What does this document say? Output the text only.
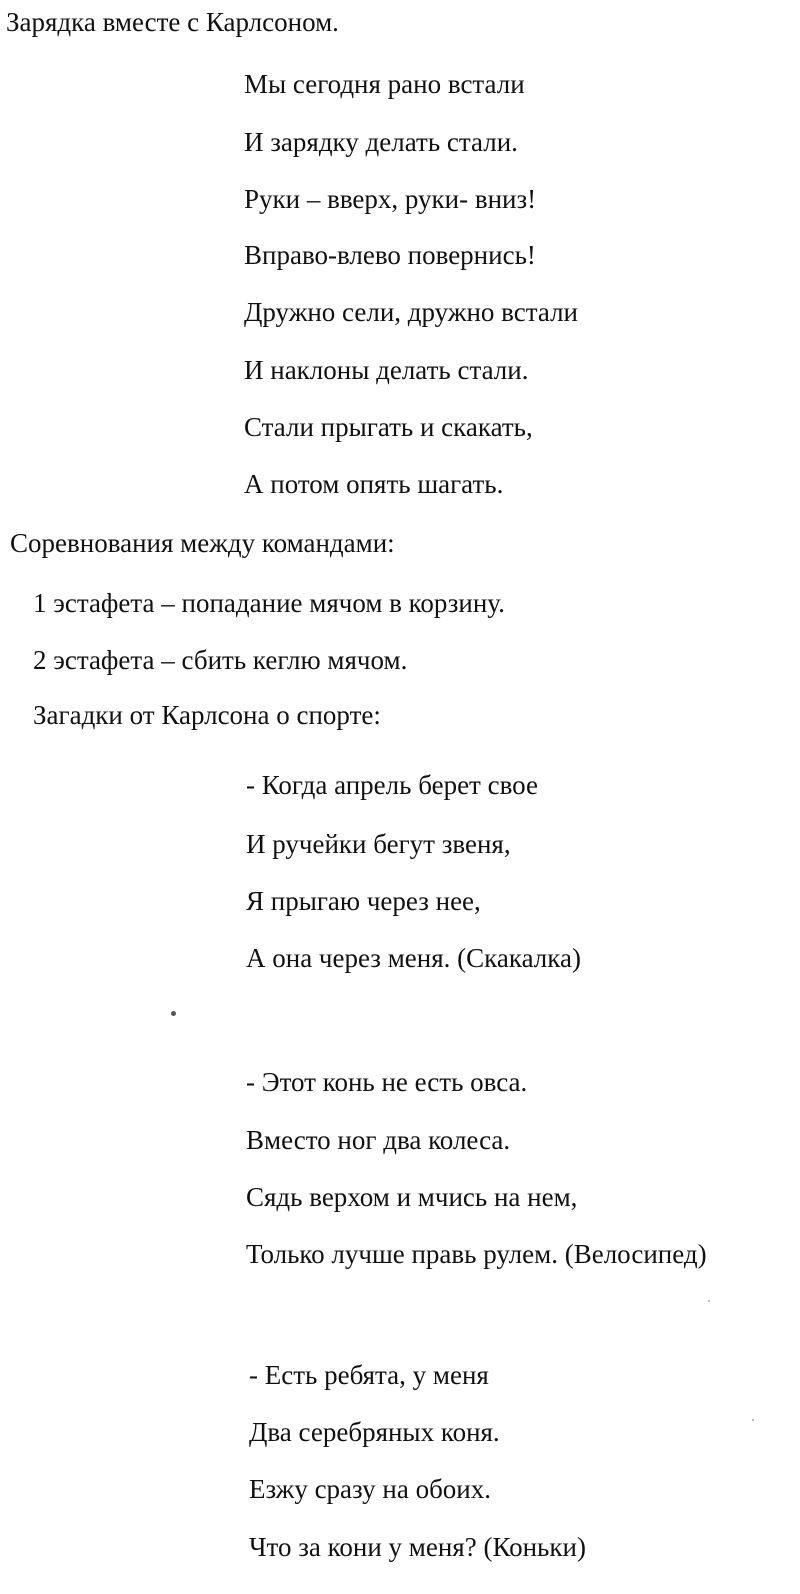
Зарядка вместе с Карлсоном.
Мы сегодня рано встали
И зарядку делать стали.
Руки – вверх, руки- вниз!
Вправо-влево повернись!
Дружно сели, дружно встали
И наклоны делать стали.
Стали прыгать и скакать,
А потом опять шагать.
Соревнования между командами:
1 эстафета – попадание мячом в корзину.
2 эстафета – сбить кеглю мячом.
Загадки от Карлсона о спорте:
- Когда апрель берет свое
И ручейки бегут звеня,
Я прыгаю через нее,
А она через меня. (Скакалка)
- Этот конь не есть овса.
Вместо ног два колеса.
Сядь верхом и мчись на нем,
Только лучше правь рулем. (Велосипед)
- Есть ребята, у меня
Два серебряных коня.
Езжу сразу на обоих.
Что за кони у меня? (Коньки)
